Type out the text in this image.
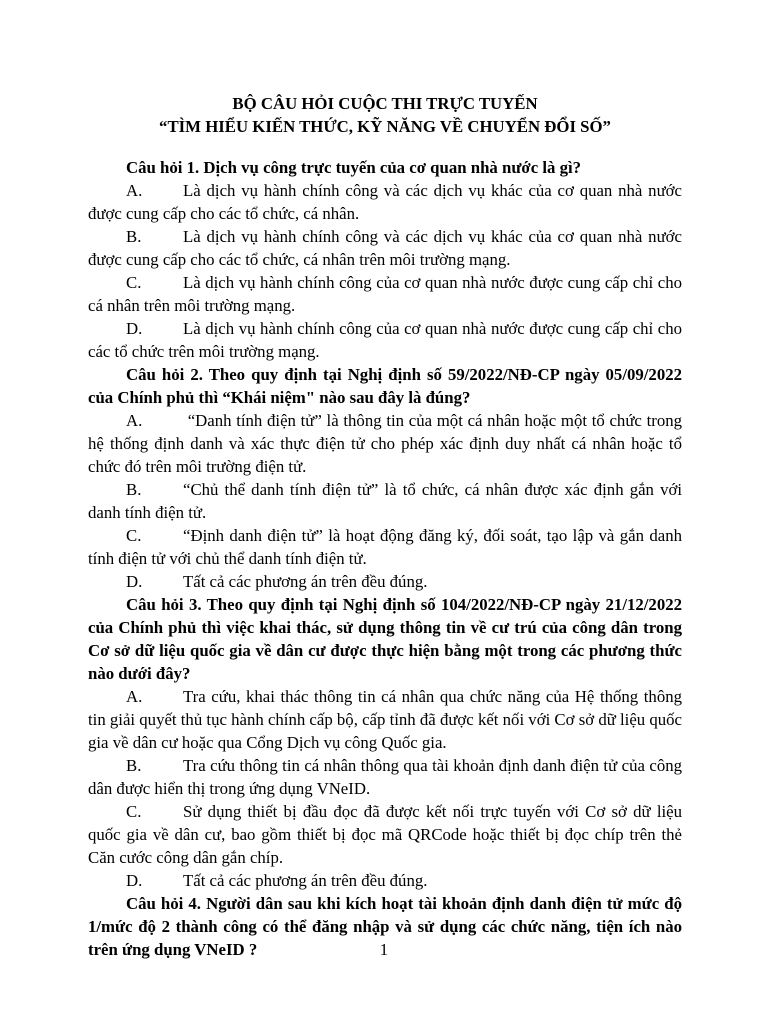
BỘ CÂU HỎI CUỘC THI TRỰC TUYẾN

“TÌM HIỂU KIẾN THỨC, KỸ NĂNG VỀ CHUYỂN ĐỔI SỐ”

Câu hỏi 1. Dịch vụ công trực tuyến của cơ quan nhà nước là gì?

A. Là dịch vụ hành chính công và các dịch vụ khác của cơ quan nhà nước được cung cấp cho các tổ chức, cá nhân.

B. Là dịch vụ hành chính công và các dịch vụ khác của cơ quan nhà nước được cung cấp cho các tổ chức, cá nhân trên môi trường mạng.

C. Là dịch vụ hành chính công của cơ quan nhà nước được cung cấp chỉ cho cá nhân trên môi trường mạng.

D. Là dịch vụ hành chính công của cơ quan nhà nước được cung cấp chỉ cho các tổ chức trên môi trường mạng.

Câu hỏi 2. Theo quy định tại Nghị định số 59/2022/NĐ-CP ngày 05/09/2022 của Chính phủ thì “Khái niệm" nào sau đây là đúng?

A. “Danh tính điện tử” là thông tin của một cá nhân hoặc một tổ chức trong hệ thống định danh và xác thực điện tử cho phép xác định duy nhất cá nhân hoặc tổ chức đó trên môi trường điện tử.

B. “Chủ thể danh tính điện tử” là tổ chức, cá nhân được xác định gắn với danh tính điện tử.

C. “Định danh điện tử” là hoạt động đăng ký, đối soát, tạo lập và gắn danh tính điện tử với chủ thể danh tính điện tử.

D. Tất cả các phương án trên đều đúng.

Câu hỏi 3. Theo quy định tại Nghị định số 104/2022/NĐ-CP ngày 21/12/2022 của Chính phủ thì việc khai thác, sử dụng thông tin về cư trú của công dân trong Cơ sở dữ liệu quốc gia về dân cư được thực hiện bằng một trong các phương thức nào dưới đây?

A. Tra cứu, khai thác thông tin cá nhân qua chức năng của Hệ thống thông tin giải quyết thủ tục hành chính cấp bộ, cấp tỉnh đã được kết nối với Cơ sở dữ liệu quốc gia về dân cư hoặc qua Cổng Dịch vụ công Quốc gia.

B. Tra cứu thông tin cá nhân thông qua tài khoản định danh điện tử của công dân được hiển thị trong ứng dụng VNeID.

C. Sử dụng thiết bị đầu đọc đã được kết nối trực tuyến với Cơ sở dữ liệu quốc gia về dân cư, bao gồm thiết bị đọc mã QRCode hoặc thiết bị đọc chíp trên thẻ Căn cước công dân gắn chíp.

D. Tất cả các phương án trên đều đúng.

Câu hỏi 4. Người dân sau khi kích hoạt tài khoản định danh điện tử mức độ 1/mức độ 2 thành công có thể đăng nhập và sử dụng các chức năng, tiện ích nào trên ứng dụng VNeID ?	1
